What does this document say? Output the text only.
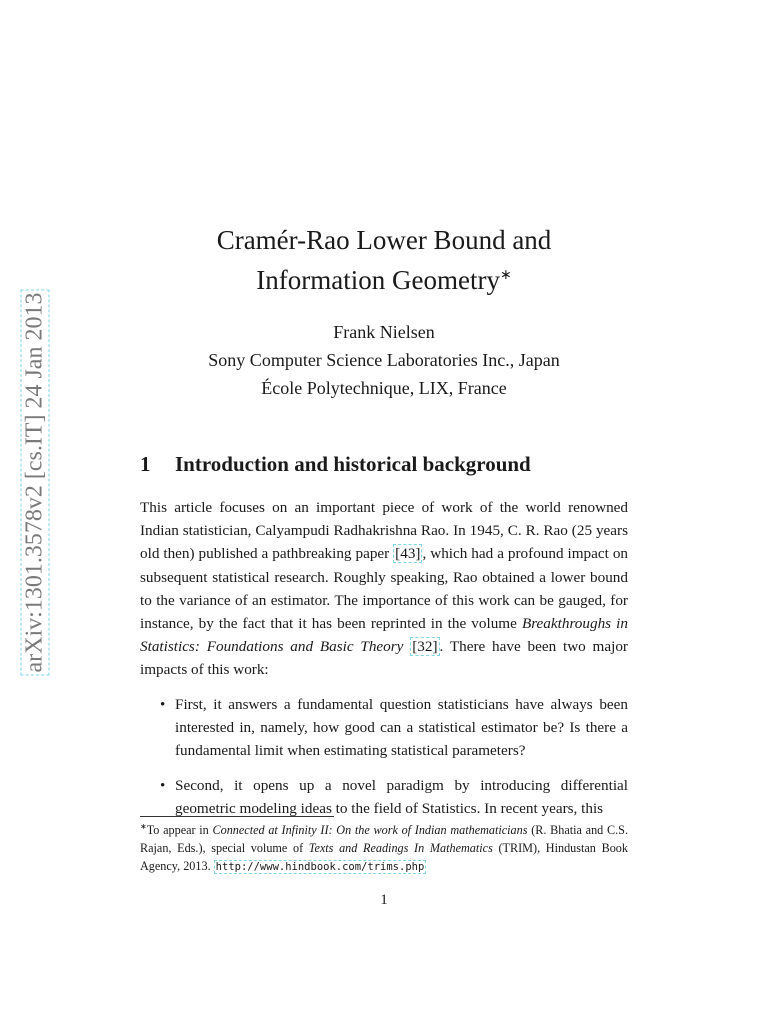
arXiv:1301.3578v2 [cs.IT] 24 Jan 2013
Cramér-Rao Lower Bound and
Information Geometry∗
Frank Nielsen
Sony Computer Science Laboratories Inc., Japan
École Polytechnique, LIX, France
1 Introduction and historical background

This article focuses on an important piece of work of the world renowned Indian statistician, Calyampudi Radhakrishna Rao. In 1945, C. R. Rao (25 years old then) published a pathbreaking paper [43] , which had a profound impact on subsequent statistical research. Roughly speaking, Rao obtained a lower bound to the variance of an estimator. The importance of this work can be gauged, for instance, by the fact that it has been reprinted in the volume Breakthroughs in Statistics: Foundations and Basic Theory [32] . There have been two major impacts of this work:

• First, it answers a fundamental question statisticians have always been interested in, namely, how good can a statistical estimator be? Is there a fundamental limit when estimating statistical parameters?
• Second, it opens up a novel paradigm by introducing differential geometric modeling ideas to the field of Statistics. In recent years, this
∗To appear in Connected at Infinity II: On the work of Indian mathematicians (R. Bhatia and C.S. Rajan, Eds.), special volume of Texts and Readings In Mathematics (TRIM), Hindustan Book Agency, 2013. http://www.hindbook.com/trims.php
1
